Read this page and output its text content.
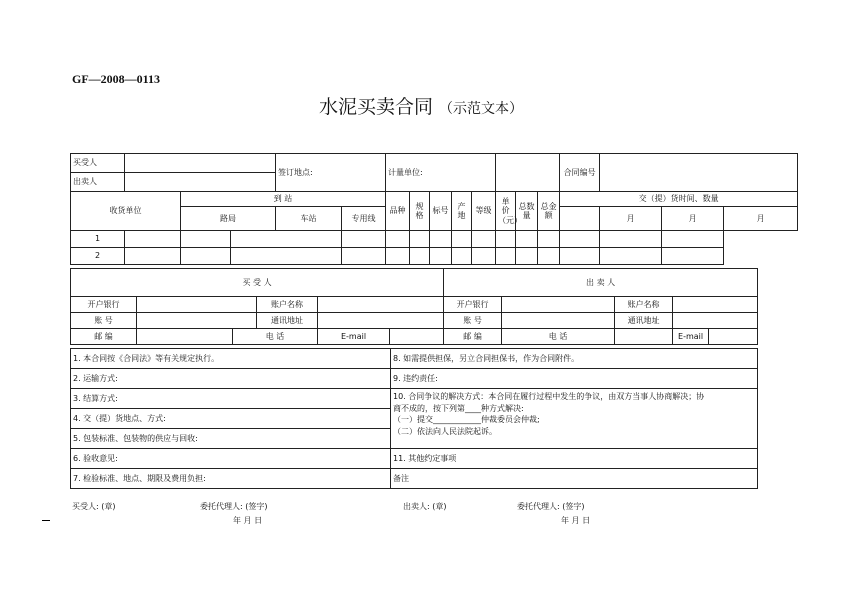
GF—2008—0113
水泥买卖合同 （示范文本）
买受人				签订地点:		计量单位:								合同编号			
出卖人																	
收货单位		到 站				品种	规格	标号	产地	等级	单价（元）	总数量	总金额	交（提）货时间、数量			
		路局		车站	专用线										月	月	月
1																	
2																	
买 受 人						出 卖 人				
开户银行			账户名称			开户银行		账户名称		
账 号			通讯地址			账 号		通讯地址		
邮 编		电 话		E-mail		邮 编	电 话		E-mail	
1. 本合同按《合同法》等有关规定执行。	8. 如需提供担保，另立合同担保书，作为合同附件。
2. 运输方式:	9. 违约责任:
3. 结算方式:	10. 合同争议的解决方式：本合同在履行过程中发生的争议，由双方当事人协商解决；协
商不成的，按下列第____种方式解决:
（一）提交____________仲裁委员会仲裁;
（二）依法向人民法院起诉。

4. 交（提）货地点、方式:	
5. 包装标准、包装物的供应与回收:	
6. 验收意见:	11. 其他约定事项
7. 检验标准、地点、期限及费用负担:	备注
买受人: (章)	委托代理人: (签字)
年 月 日
出卖人: (章)	委托代理人: (签字)
年 月 日
